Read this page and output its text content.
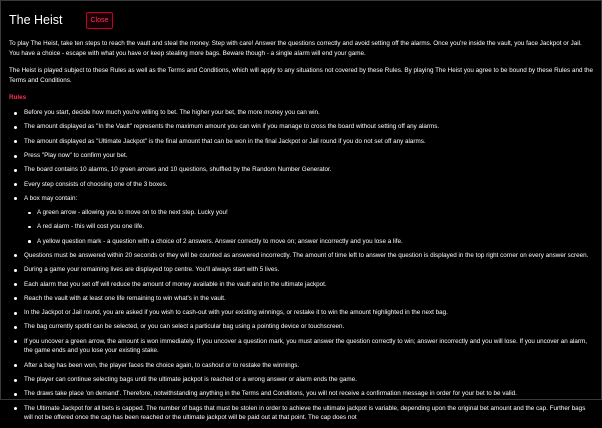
The Heist	Close

To play The Heist, take ten steps to reach the vault and steal the money. Step with care! Answer the questions correctly and avoid setting off the alarms. Once you're inside the vault, you face Jackpot or Jail. You have a choice - escape with what you have or keep stealing more bags. Beware though - a single alarm will end your game.

The Heist is played subject to these Rules as well as the Terms and Conditions, which will apply to any situations not covered by these Rules. By playing The Heist you agree to be bound by these Rules and the Terms and Conditions.

Rules
Before you start, decide how much you're willing to bet. The higher your bet, the more money you can win.
The amount displayed as "In the Vault" represents the maximum amount you can win if you manage to cross the board without setting off any alarms.
The amount displayed as "Ultimate Jackpot" is the final amount that can be won in the final Jackpot or Jail round if you do not set off any alarms.
Press "Play now" to confirm your bet.
The board contains 10 alarms, 10 green arrows and 10 questions, shuffled by the Random Number Generator.
Every step consists of choosing one of the 3 boxes.
A box may contain:
A green arrow - allowing you to move on to the next step. Lucky you!
A red alarm - this will cost you one life.
A yellow question mark - a question with a choice of 2 answers. Answer correctly to move on; answer incorrectly and you lose a life.
Questions must be answered within 20 seconds or they will be counted as answered incorrectly. The amount of time left to answer the question is displayed in the top right corner on every answer screen.
During a game your remaining lives are displayed top centre. You'll always start with 5 lives.
Each alarm that you set off will reduce the amount of money available in the vault and in the ultimate jackpot.
Reach the vault with at least one life remaining to win what's in the vault.
In the Jackpot or Jail round, you are asked if you wish to cash-out with your existing winnings, or restake it to win the amount highlighted in the next bag.
The bag currently spotlit can be selected, or you can select a particular bag using a pointing device or touchscreen.
If you uncover a green arrow, the amount is won immediately. If you uncover a question mark, you must answer the question correctly to win; answer incorrectly and you will lose. If you uncover an alarm, the game ends and you lose your existing stake.
After a bag has been won, the player faces the choice again, to cashout or to restake the winnings.
The player can continue selecting bags until the ultimate jackpot is reached or a wrong answer or alarm ends the game.
The draws take place 'on demand'. Therefore, notwithstanding anything in the Terms and Conditions, you will not receive a confirmation message in order for your bet to be valid.
The Ultimate Jackpot for all bets is capped. The number of bags that must be stolen in order to achieve the ultimate jackpot is variable, depending upon the original bet amount and the cap. Further bags will not be offered once the cap has been reached or the ultimate jackpot will be paid out at that point. The cap does not
